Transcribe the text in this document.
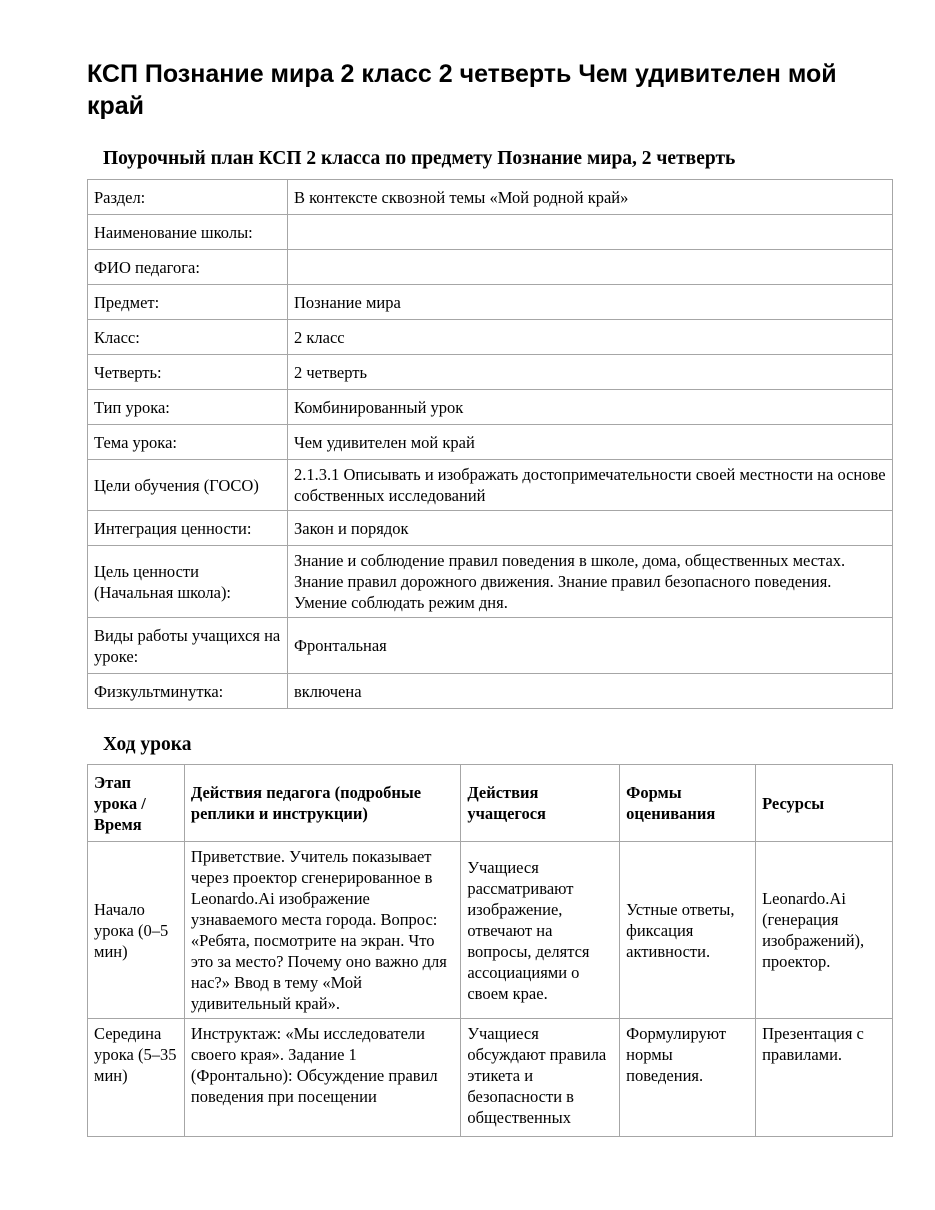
КСП Познание мира 2 класс 2 четверть Чем удивителен мой край
Поурочный план КСП 2 класса по предмету Познание мира, 2 четверть
Раздел:	В контексте сквозной темы «Мой родной край»
Наименование школы:	
ФИО педагога:	
Предмет:	Познание мира
Класс:	2 класс
Четверть:	2 четверть
Тип урока:	Комбинированный урок
Тема урока:	Чем удивителен мой край
Цели обучения (ГОСО)	2.1.3.1 Описывать и изображать достопримечательности своей местности на основе собственных исследований
Интеграция ценности:	Закон и порядок
Цель ценности (Начальная школа):	Знание и соблюдение правил поведения в школе, дома, общественных местах. Знание правил дорожного движения. Знание правил безопасного поведения. Умение соблюдать режим дня.
Виды работы учащихся на уроке:	Фронтальная
Физкультминутка:	включена
Ход урока
Этап урока / Время	Действия педагога (подробные реплики и инструкции)	Действия учащегося	Формы оценивания	Ресурсы
Начало урока (0–5 мин)	Приветствие. Учитель показывает через проектор сгенерированное в Leonardo.Ai изображение узнаваемого места города. Вопрос: «Ребята, посмотрите на экран. Что это за место? Почему оно важно для нас?» Ввод в тему «Мой удивительный край».	Учащиеся рассматривают изображение, отвечают на вопросы, делятся ассоциациями о своем крае.	Устные ответы, фиксация активности.	Leonardo.Ai (генерация изображений), проектор.

Середина урока (5–35 мин)	Инструктаж: «Мы исследователи своего края». Задание 1 (Фронтально): Обсуждение правил поведения при посещении	Учащиеся обсуждают правила этикета и безопасности в общественных	Формулируют нормы поведения.	Презентация с правилами.
